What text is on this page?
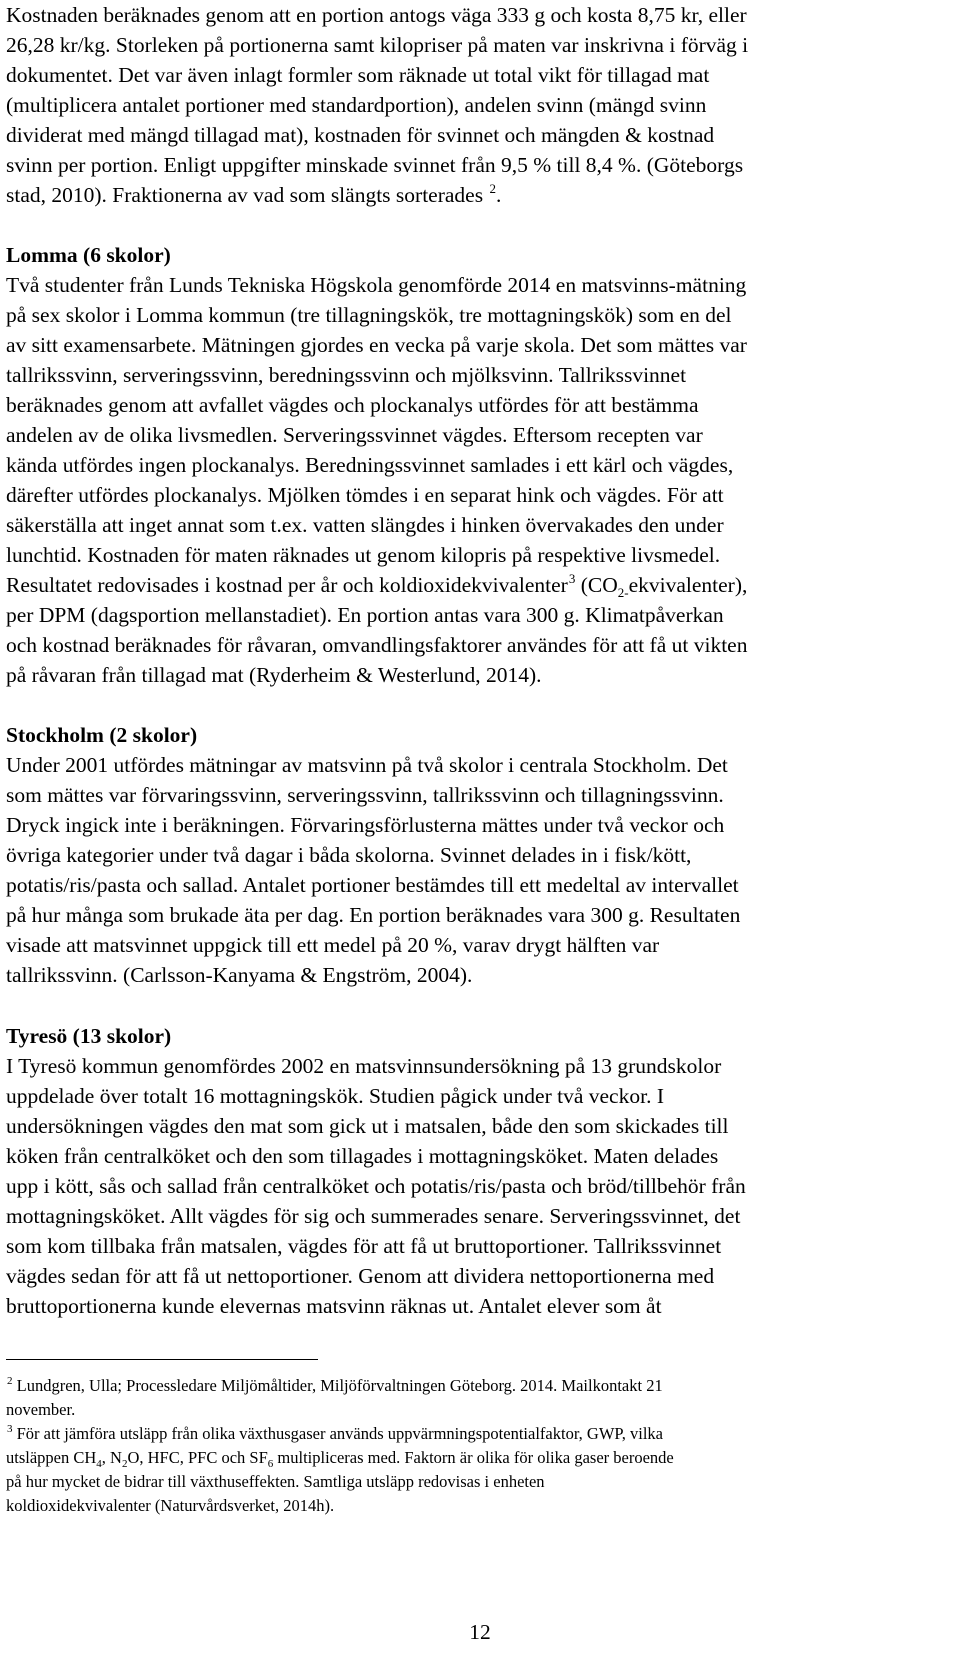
Kostnaden beräknades genom att en portion antogs väga 333 g och kosta 8,75 kr, eller
26,28 kr/kg. Storleken på portionerna samt kilopriser på maten var inskrivna i förväg i
dokumentet. Det var även inlagt formler som räknade ut total vikt för tillagad mat
(multiplicera antalet portioner med standardportion), andelen svinn (mängd svinn
dividerat med mängd tillagad mat), kostnaden för svinnet och mängden & kostnad
svinn per portion. Enligt uppgifter minskade svinnet från 9,5 % till 8,4 %. (Göteborgs
stad, 2010). Fraktionerna av vad som slängts sorterades $^2$.
Lomma (6 skolor)
Två studenter från Lunds Tekniska Högskola genomförde 2014 en matsvinns-mätning
på sex skolor i Lomma kommun (tre tillagningskök, tre mottagningskök) som en del
av sitt examensarbete. Mätningen gjordes en vecka på varje skola. Det som mättes var
tallrikssvinn, serveringssvinn, beredningssvinn och mjölksvinn. Tallrikssvinnet
beräknades genom att avfallet vägdes och plockanalys utfördes för att bestämma
andelen av de olika livsmedlen. Serveringssvinnet vägdes. Eftersom recepten var
kända utfördes ingen plockanalys. Beredningssvinnet samlades i ett kärl och vägdes,
därefter utfördes plockanalys. Mjölken tömdes i en separat hink och vägdes. För att
säkerställa att inget annat som t.ex. vatten slängdes i hinken övervakades den under
lunchtid. Kostnaden för maten räknades ut genom kilopris på respektive livsmedel.
Resultatet redovisades i kostnad per år och koldioxidekvivalenter$^3$ $(CO_{2-}ekvivalenter)$,
per DPM (dagsportion mellanstadiet). En portion antas vara 300 g. Klimatpåverkan
och kostnad beräknades för råvaran, omvandlingsfaktorer användes för att få ut vikten
på råvaran från tillagad mat (Ryderheim & Westerlund, 2014).
Stockholm (2 skolor)
Under 2001 utfördes mätningar av matsvinn på två skolor i centrala Stockholm. Det
som mättes var förvaringssvinn, serveringssvinn, tallrikssvinn och tillagningssvinn.
Dryck ingick inte i beräkningen. Förvaringsförlusterna mättes under två veckor och
övriga kategorier under två dagar i båda skolorna. Svinnet delades in i fisk/kött,
potatis/ris/pasta och sallad. Antalet portioner bestämdes till ett medeltal av intervallet
på hur många som brukade äta per dag. En portion beräknades vara 300 g. Resultaten
visade att matsvinnet uppgick till ett medel på 20 %, varav drygt hälften var
tallrikssvinn. (Carlsson-Kanyama & Engström, 2004).
Tyresö (13 skolor)
I Tyresö kommun genomfördes 2002 en matsvinnsundersökning på 13 grundskolor
uppdelade över totalt 16 mottagningskök. Studien pågick under två veckor. I
undersökningen vägdes den mat som gick ut i matsalen, både den som skickades till
köken från centralköket och den som tillagades i mottagningsköket. Maten delades
upp i kött, sås och sallad från centralköket och potatis/ris/pasta och bröd/tillbehör från
mottagningsköket. Allt vägdes för sig och summerades senare. Serveringssvinnet, det
som kom tillbaka från matsalen, vägdes för att få ut bruttoportioner. Tallrikssvinnet
vägdes sedan för att få ut nettoportioner. Genom att dividera nettoportionerna med
bruttoportionerna kunde elevernas matsvinn räknas ut. Antalet elever som åt
$^2$ Lundgren, Ulla; Processledare Miljömåltider, Miljöförvaltningen Göteborg. 2014. Mailkontakt 21
november.
$^3$ För att jämföra utsläpp från olika växthusgaser används uppvärmningspotentialfaktor, GWP, vilka
utsläppen $CH_4$, $N_2O$, HFC, PFC och $SF_6$ multipliceras med. Faktorn är olika för olika gaser beroende
på hur mycket de bidrar till växthuseffekten. Samtliga utsläpp redovisas i enheten
koldioxidekvivalenter (Naturvårdsverket, 2014h).
12
